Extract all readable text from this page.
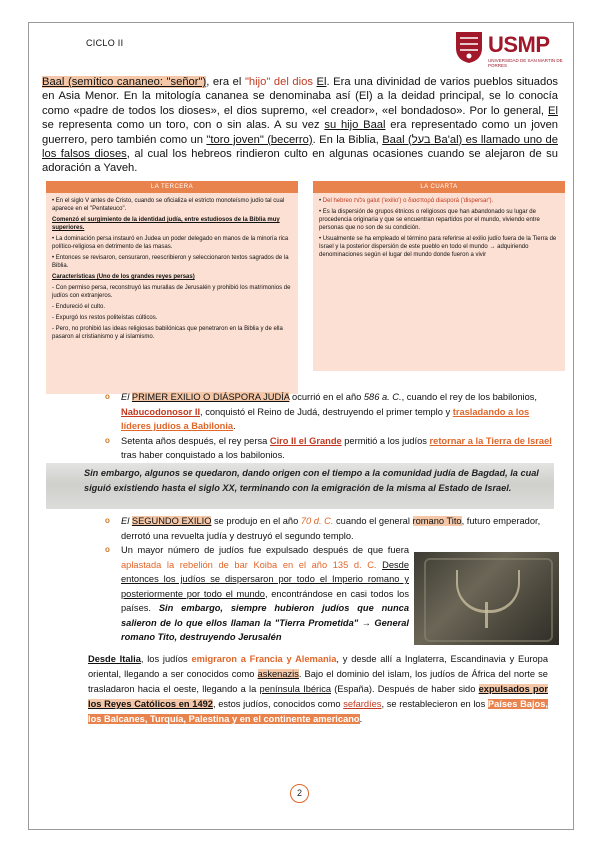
CICLO II	USMP
UNIVERSIDAD DE SAN MARTIN DE PORRES
Baal (semítico cananeo: "señor"), era el "hijo" del dios El. Era una divinidad de varios pueblos situados en Asia Menor. En la mitología cananea se denominaba así (El) a la deidad principal, se lo conocía como «padre de todos los dioses», el dios supremo, «el creador», «el bondadoso». Por lo general, El se representa como un toro, con o sin alas. A su vez su hijo Baal era representado como un joven guerrero, pero también como un "toro joven" (becerro). En la Biblia, Baal (בעל Ba'al) es llamado uno de los falsos dioses, al cual los hebreos rindieron culto en algunas ocasiones cuando se alejaron de su adoración a Yaveh.
LA TERCERA
• En el siglo V antes de Cristo, cuando se oficializa el estricto monoteísmo judío tal cual aparece en el "Pentateuco".
Comenzó el surgimiento de la identidad judía, entre estudiosos de la Biblia muy superiores.
• La dominación persa instauró en Judea un poder delegado en manos de la minoría rica político-religiosa en detrimento de las masas.
• Entonces se revisaron, censuraron, reescribieron y seleccionaron textos sagrados de la Biblia.
Características (Uno de los grandes reyes persas)
- Con permiso persa, reconstruyó las murallas de Jerusalén y prohibió los matrimonios de judíos con extranjeros.
- Endureció el culto.
- Expurgó los restos politeístas cúlticos.
- Pero, no prohibió las ideas religiosas babilónicas que penetraron en la Biblia y de ella pasaron al cristianismo y al islamismo.
LA CUARTA
• Del hebreo גלות galut ('exilio') o διασπορά diasporá ('dispersar').
• Es la dispersión de grupos étnicos o religiosos que han abandonado su lugar de procedencia originaria y que se encuentran repartidos por el mundo, viviendo entre personas que no son de su condición.
• Usualmente se ha empleado el término para referirse al exilio judío fuera de la Tierra de Israel y la posterior dispersión de este pueblo en todo el mundo → adquiriendo denominaciones según el lugar del mundo donde fueron a vivir
o El PRIMER EXILIO O DIÁSPORA JUDÍA ocurrió en el año 586 a. C., cuando el rey de los babilonios, Nabucodonosor II, conquistó el Reino de Judá, destruyendo el primer templo y trasladando a los líderes judíos a Babilonia.
o Setenta años después, el rey persa Ciro II el Grande permitió a los judíos retornar a la Tierra de Israel tras haber conquistado a los babilonios.
Sin embargo, algunos se quedaron, dando origen con el tiempo a la comunidad judía de Bagdad, la cual siguió existiendo hasta el siglo XX, terminando con la emigración de la misma al Estado de Israel.
o El SEGUNDO EXILIO se produjo en el año 70 d. C. cuando el general romano Tito, futuro emperador, derrotó una revuelta judía y destruyó el segundo templo.
o Un mayor número de judíos fue expulsado después de que fuera aplastada la rebelión de bar Koiba en el año 135 d. C. Desde entonces los judíos se dispersaron por todo el Imperio romano y posteriormente por todo el mundo, encontrándose en casi todos los países. Sin embargo, siempre hubieron judíos que nunca salieron de lo que ellos llaman la "Tierra Prometida" → General romano Tito, destruyendo Jerusalén
Desde Italia, los judíos emigraron a Francia y Alemania, y desde allí a Inglaterra, Escandinavia y Europa oriental, llegando a ser conocidos como askenazis. Bajo el dominio del islam, los judíos de África del norte se trasladaron hacia el oeste, llegando a la península Ibérica (España). Después de haber sido expulsados por los Reyes Católicos en 1492, estos judíos, conocidos como sefardíes, se restablecieron en los Países Bajos, los Balcanes, Turquía, Palestina y en el continente americano.
2
